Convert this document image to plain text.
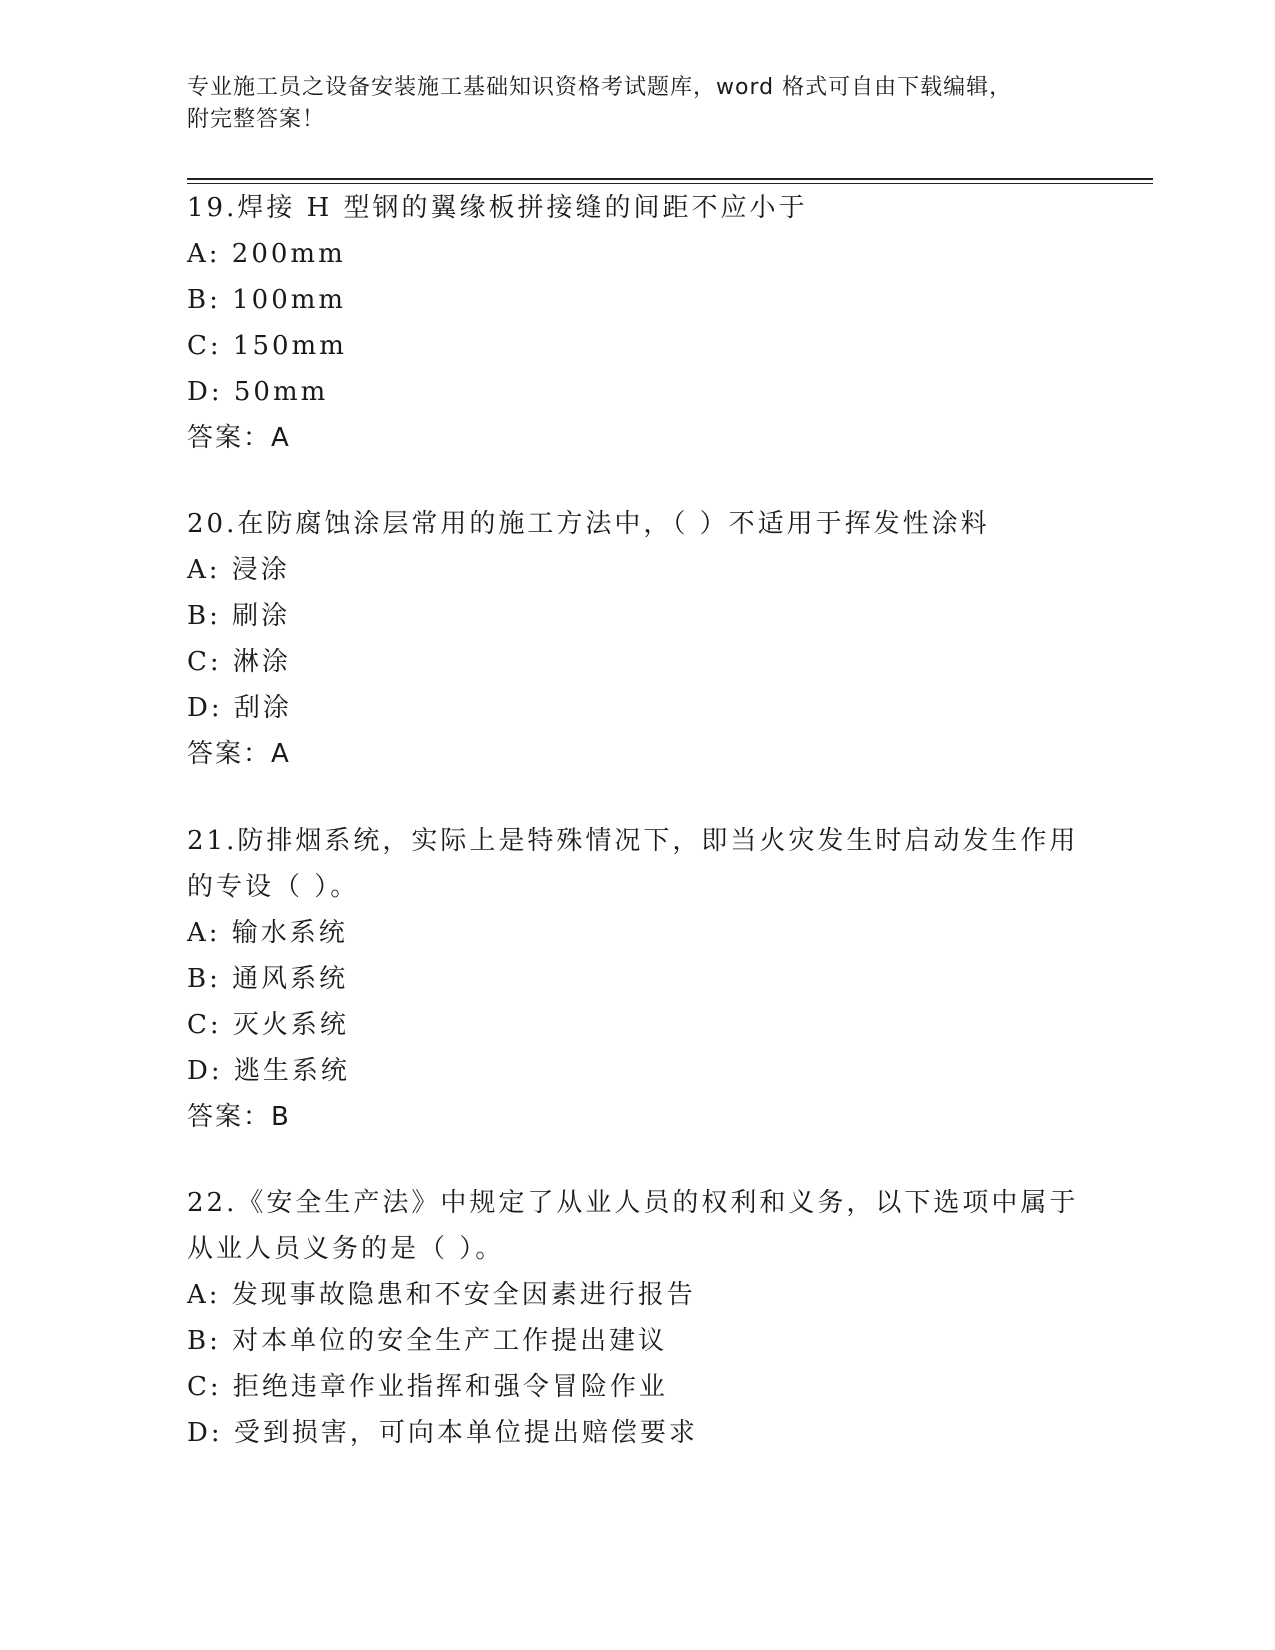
专业施工员之设备安装施工基础知识资格考试题库，word 格式可自由下载编辑，
附完整答案！

19.焊接 H 型钢的翼缘板拼接缝的间距不应小于

A: 200mm

B: 100mm

C: 150mm

D: 50mm

答案：A

20.在防腐蚀涂层常用的施工方法中，（ ）不适用于挥发性涂料

A: 浸涂

B: 刷涂

C: 淋涂

D: 刮涂

答案：A

21.防排烟系统，实际上是特殊情况下，即当火灾发生时启动发生作用的专设（ ）。

A: 输水系统

B: 通风系统

C: 灭火系统

D: 逃生系统

答案：B

22.《安全生产法》中规定了从业人员的权利和义务，以下选项中属于从业人员义务的是（ ）。

A: 发现事故隐患和不安全因素进行报告

B: 对本单位的安全生产工作提出建议

C: 拒绝违章作业指挥和强令冒险作业

D: 受到损害，可向本单位提出赔偿要求
